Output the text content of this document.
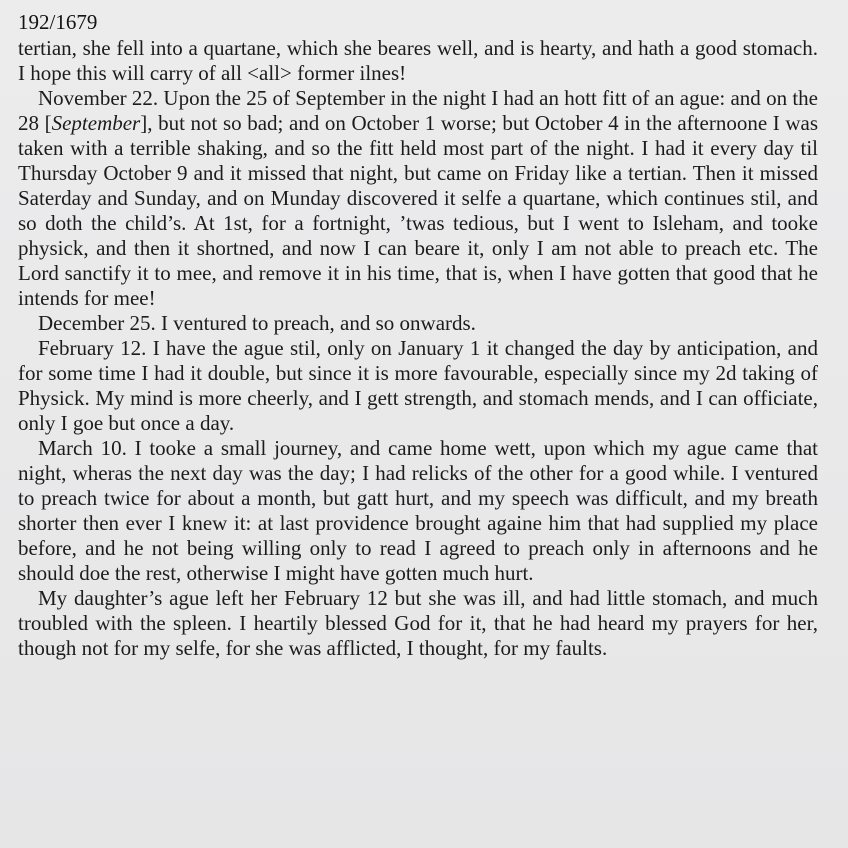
192/1679

tertian, she fell into a quartane, which she beares well, and is hearty, and hath a good stomach. I hope this will carry of all <all> former ilnes!

November 22. Upon the 25 of September in the night I had an hott fitt of an ague: and on the 28 [September], but not so bad; and on October 1 worse; but October 4 in the afternoone I was taken with a terrible shaking, and so the fitt held most part of the night. I had it every day til Thursday October 9 and it missed that night, but came on Friday like a tertian. Then it missed Saterday and Sunday, and on Munday discovered it selfe a quartane, which continues stil, and so doth the child’s. At 1st, for a fortnight, ’twas tedious, but I went to Isleham, and tooke physick, and then it shortned, and now I can beare it, only I am not able to preach etc. The Lord sanctify it to mee, and remove it in his time, that is, when I have gotten that good that he intends for mee!

December 25. I ventured to preach, and so onwards.

February 12. I have the ague stil, only on January 1 it changed the day by anticipation, and for some time I had it double, but since it is more favourable, especially since my 2d taking of Physick. My mind is more cheerly, and I gett strength, and stomach mends, and I can officiate, only I goe but once a day.

March 10. I tooke a small journey, and came home wett, upon which my ague came that night, wheras the next day was the day; I had relicks of the other for a good while. I ventured to preach twice for about a month, but gatt hurt, and my speech was difficult, and my breath shorter then ever I knew it: at last providence brought againe him that had supplied my place before, and he not being willing only to read I agreed to preach only in afternoons and he should doe the rest, otherwise I might have gotten much hurt.

My daughter’s ague left her February 12 but she was ill, and had little stomach, and much troubled with the spleen. I heartily blessed God for it, that he had heard my prayers for her, though not for my selfe, for she was afflicted, I thought, for my faults.
